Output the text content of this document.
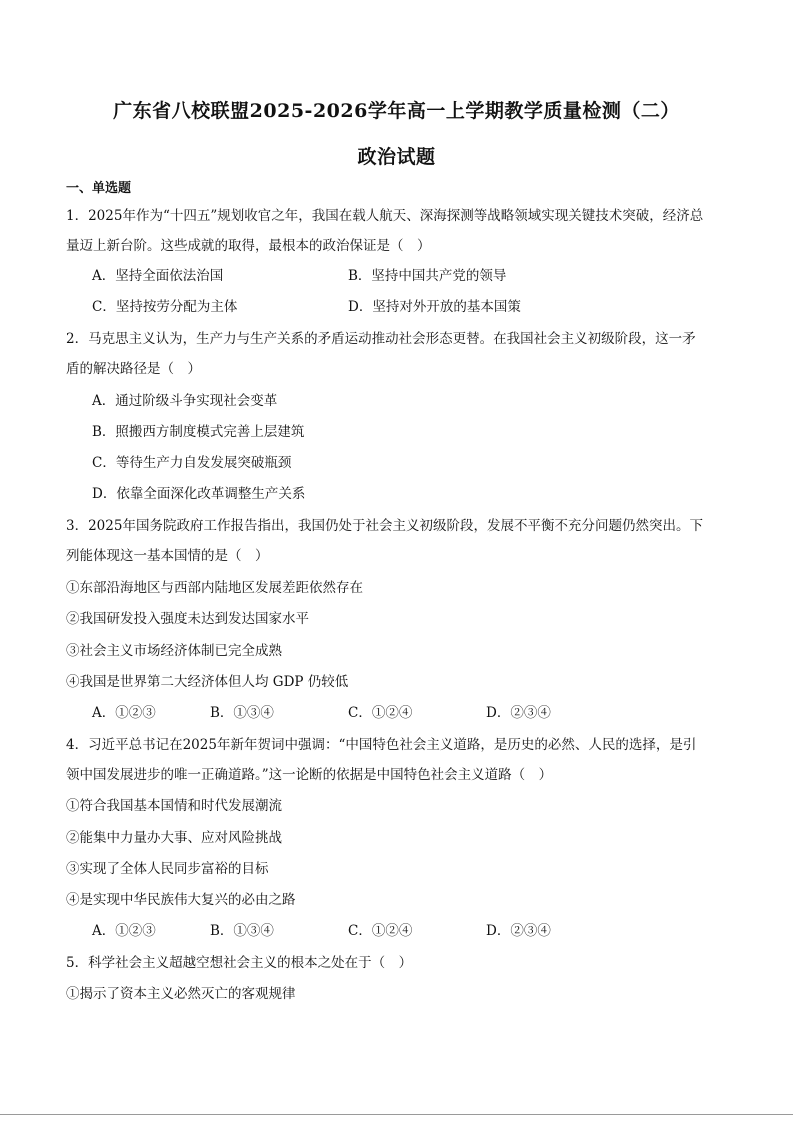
广东省八校联盟2025-2026学年高一上学期教学质量检测（二）
政治试题
一、单选题
1．2025年作为“十四五”规划收官之年，我国在载人航天、深海探测等战略领域实现关键技术突破，经济总
量迈上新台阶。这些成就的取得，最根本的政治保证是（　）
A．坚持全面依法治国	B．坚持中国共产党的领导
C．坚持按劳分配为主体	D．坚持对外开放的基本国策
2．马克思主义认为，生产力与生产关系的矛盾运动推动社会形态更替。在我国社会主义初级阶段，这一矛
盾的解决路径是（　）
A．通过阶级斗争实现社会变革
B．照搬西方制度模式完善上层建筑
C．等待生产力自发发展突破瓶颈
D．依靠全面深化改革调整生产关系
3．2025年国务院政府工作报告指出，我国仍处于社会主义初级阶段，发展不平衡不充分问题仍然突出。下
列能体现这一基本国情的是（　）
①东部沿海地区与西部内陆地区发展差距依然存在
②我国研发投入强度未达到发达国家水平
③社会主义市场经济体制已完全成熟
④我国是世界第二大经济体但人均 GDP 仍较低
A．①②③	B．①③④	C．①②④	D．②③④
4．习近平总书记在2025年新年贺词中强调：“中国特色社会主义道路，是历史的必然、人民的选择，是引
领中国发展进步的唯一正确道路。”这一论断的依据是中国特色社会主义道路（　）
①符合我国基本国情和时代发展潮流
②能集中力量办大事、应对风险挑战
③实现了全体人民同步富裕的目标
④是实现中华民族伟大复兴的必由之路
A．①②③	B．①③④	C．①②④	D．②③④
5．科学社会主义超越空想社会主义的根本之处在于（　）
①揭示了资本主义必然灭亡的客观规律
